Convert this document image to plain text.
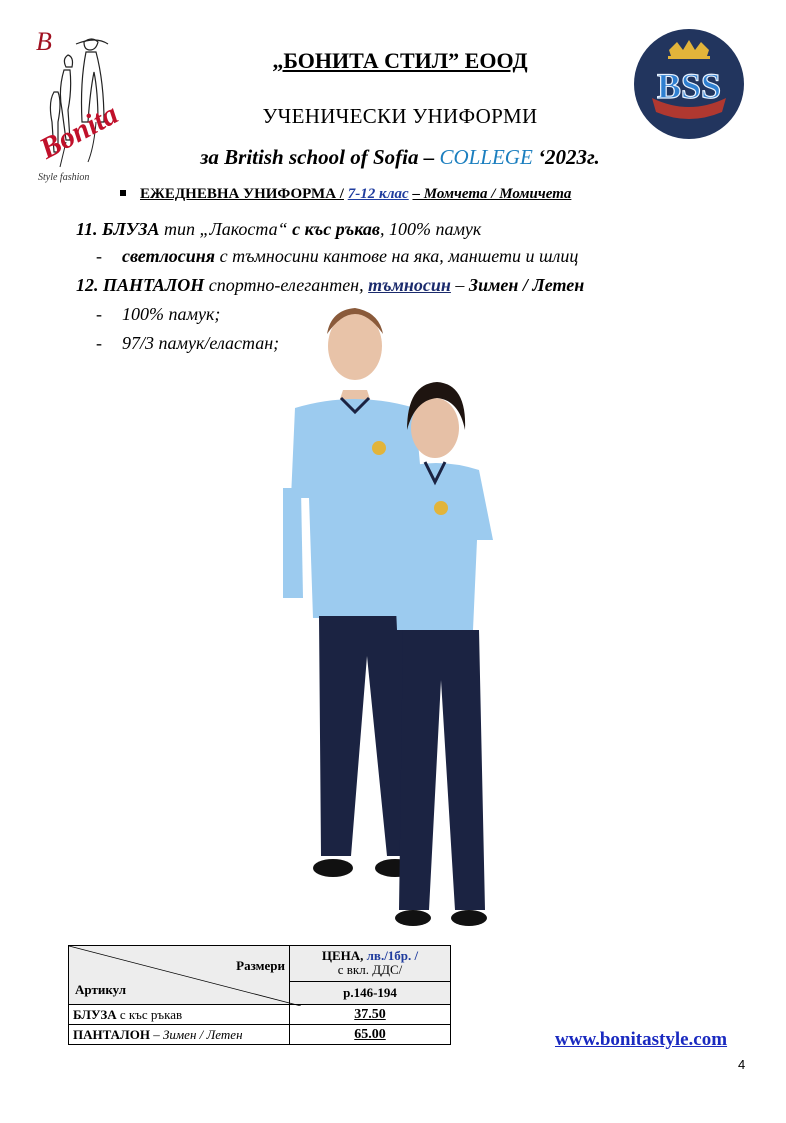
B
Bonita
Style fashion
BSS
„БОНИТА СТИЛ” ЕООД
УЧЕНИЧЕСКИ УНИФОРМИ
за British school of Sofia – COLLEGE ‘2023г.
ЕЖЕДНЕВНА УНИФОРМА / 7-12 клас – Момчета / Момичета
11. БЛУЗА тип „Лакоста“ с къс ръкав, 100% памук
- светлосиня с тъмносини кантове на яка, маншети и шлиц
12. ПАНТАЛОН спортно-елегантен, тъмносин – Зимен / Летен
- 100% памук;
- 97/3 памук/еластан;
Размери
Артикул	ЦЕНА, лв./1бр. /
с вкл. ДДС/
	р.146-194
БЛУЗА с къс ръкав	37.50
ПАНТАЛОН – Зимен / Летен	65.00	www.bonitastyle.com
4
